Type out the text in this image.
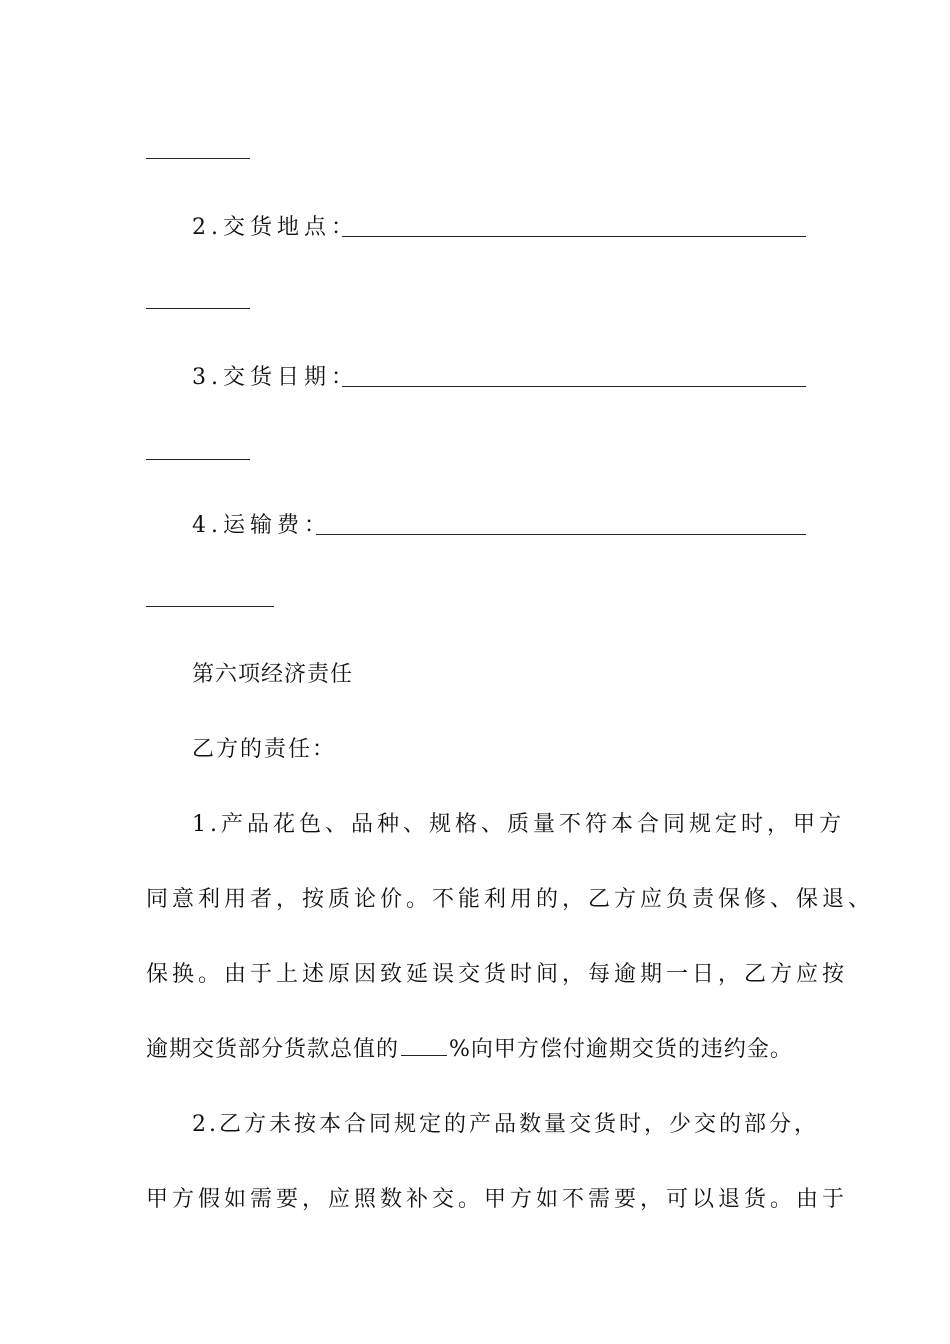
2.交货地点：
3.交货日期：
4.运输费：
第六项经济责任
乙方的责任：
1.产品花色、品种、规格、质量不符本合同规定时，甲方
同意利用者，按质论价。不能利用的，乙方应负责保修、保退、
保换。由于上述原因致延误交货时间，每逾期一日，乙方应按
逾期交货部分货款总值的 %向甲方偿付逾期交货的违约金。
2.乙方未按本合同规定的产品数量交货时，少交的部分，
甲方假如需要，应照数补交。甲方如不需要，可以退货。由于
